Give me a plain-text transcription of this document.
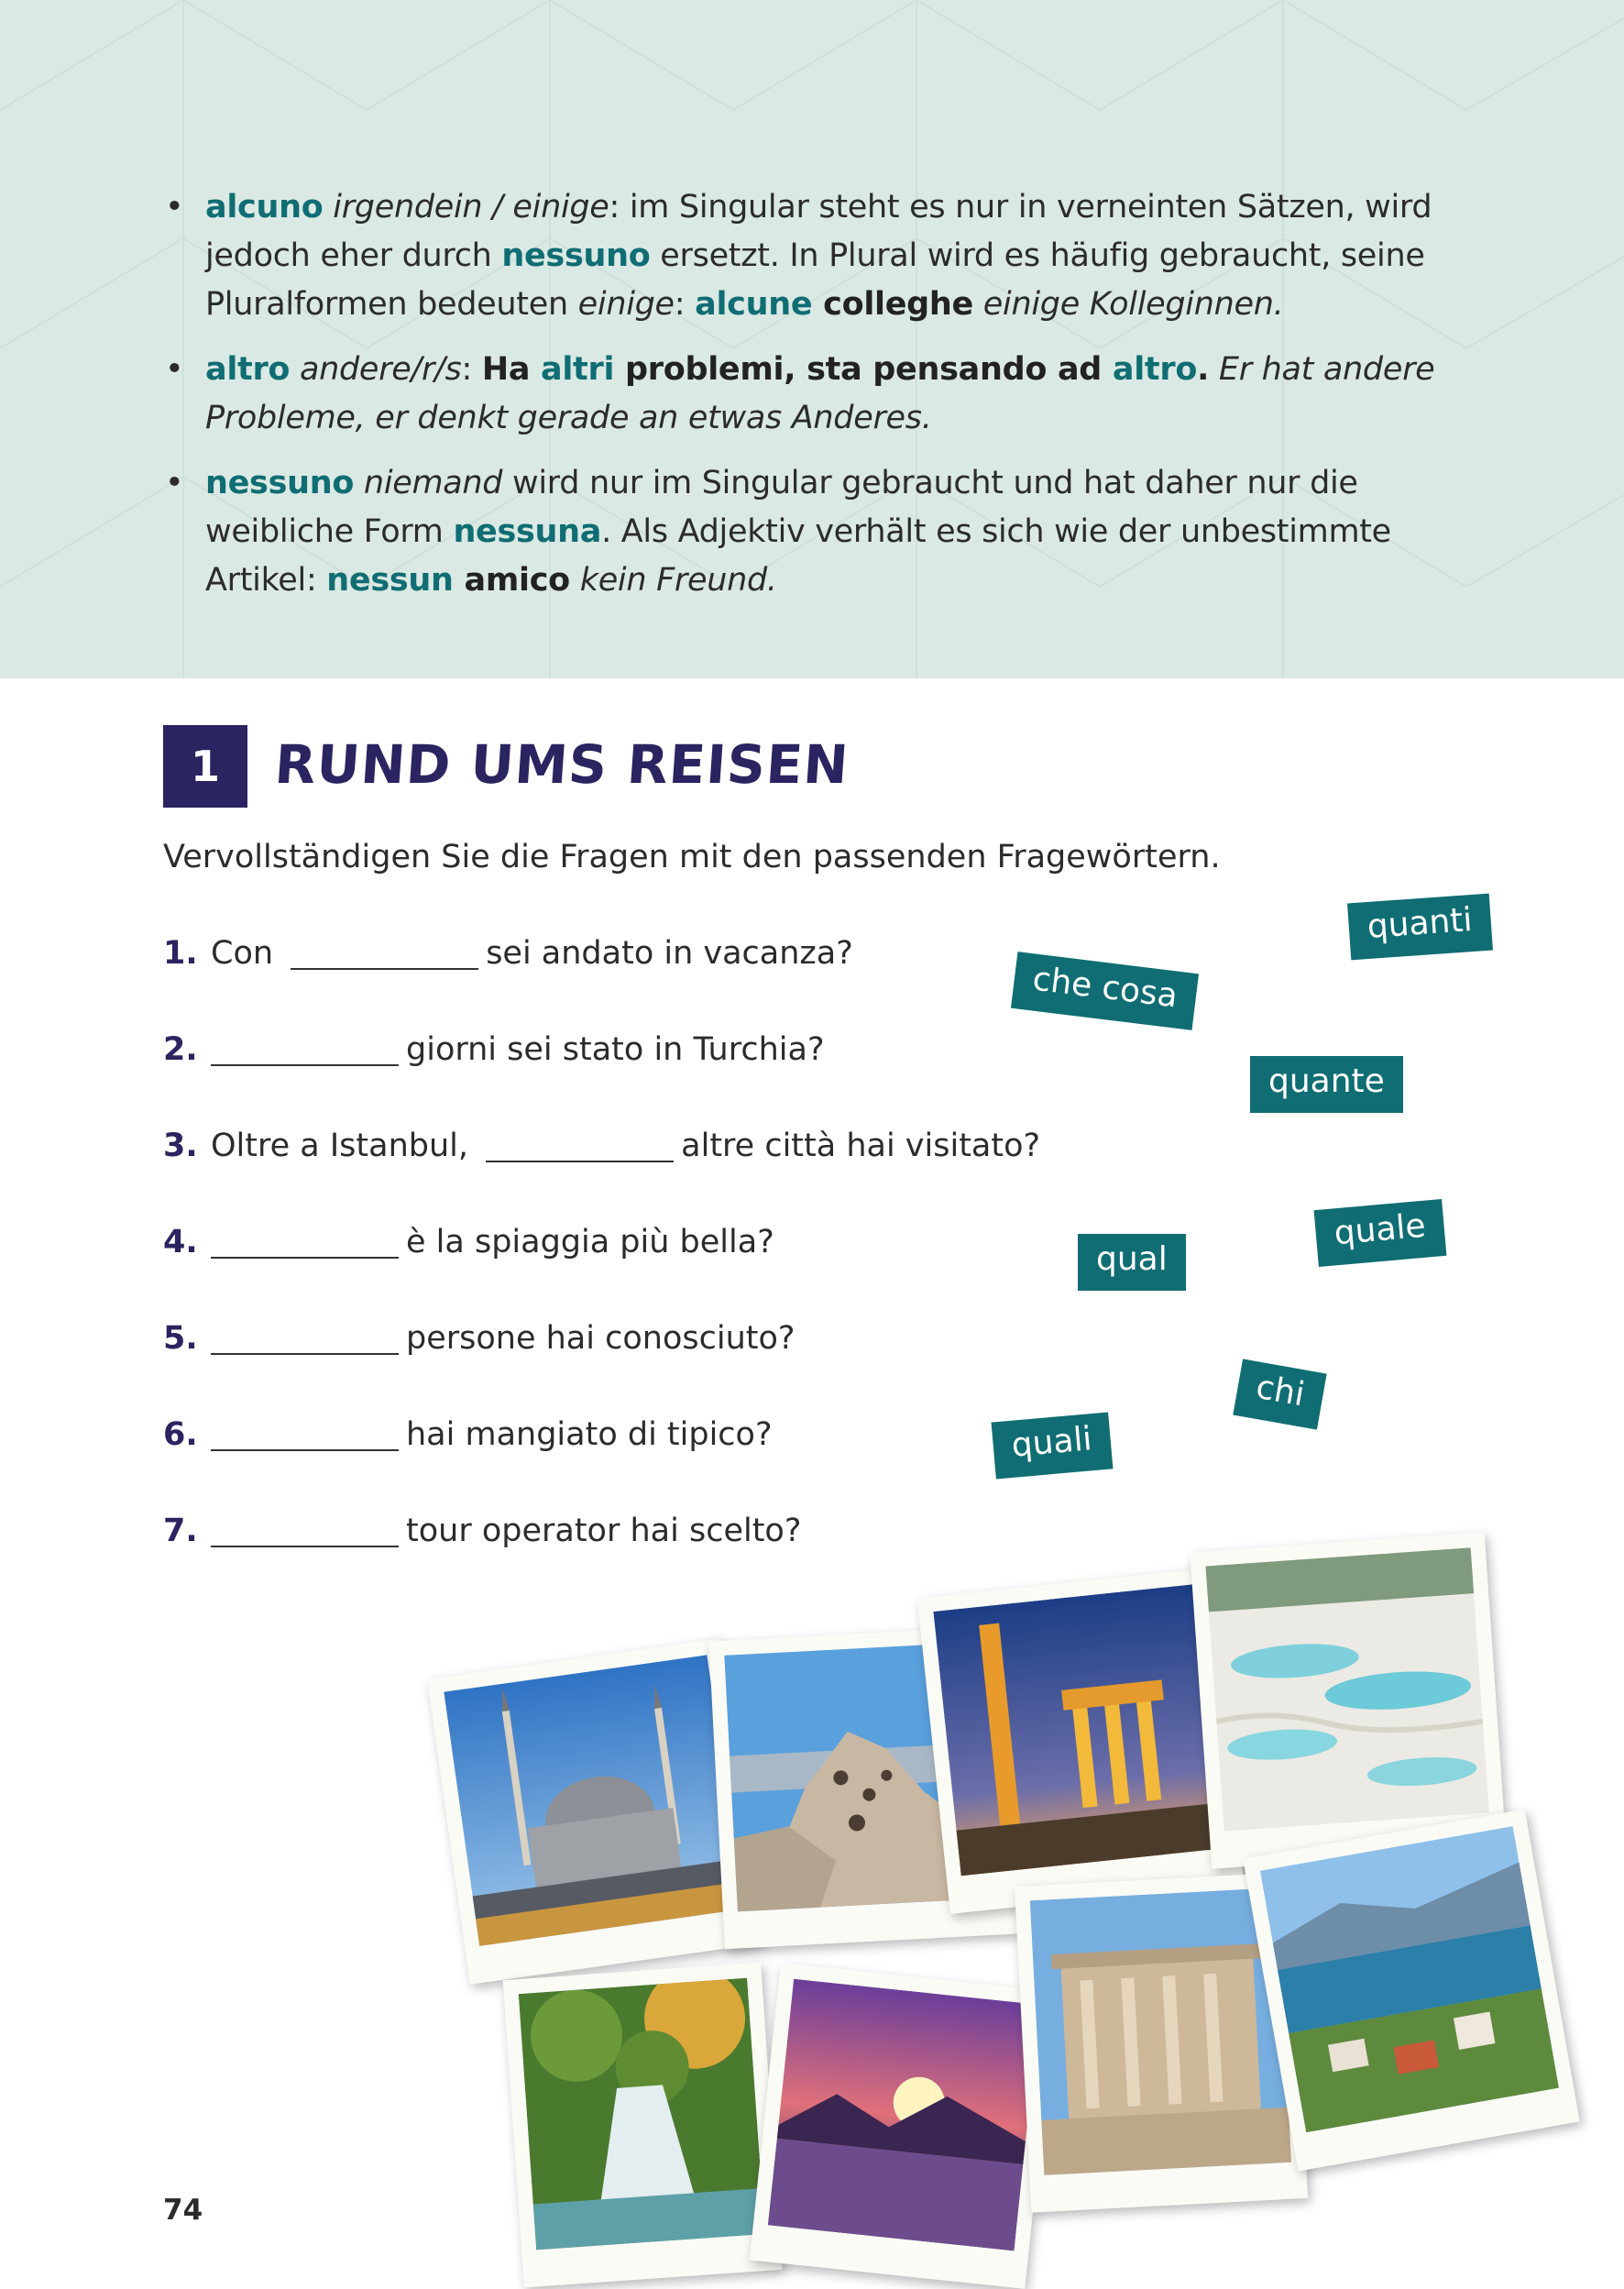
• alcuno irgendein / einige: im Singular steht es nur in verneinten Sätzen, wird jedoch eher durch nessuno ersetzt. In Plural wird es häufig gebraucht, seine Pluralformen bedeuten einige: alcune colleghe einige Kolleginnen.
• altro andere/r/s: Ha altri problemi, sta pensando ad altro. Er hat andere Probleme, er denkt gerade an etwas Anderes.
• nessuno niemand wird nur im Singular gebraucht und hat daher nur die weibliche Form nessuna. Als Adjektiv verhält es sich wie der unbestimmte Artikel: nessun amico kein Freund.
1 RUND UMS REISEN

Vervollständigen Sie die Fragen mit den passenden Fragewörtern.

1. Con
	sei andato in vacanza?
2.	giorni sei stato in Turchia?
3. Oltre a Istanbul,
	altre città hai visitato?
4.	è la spiaggia più bella?
5.	persone hai conosciuto?
6.	hai mangiato di tipico?
7.	tour operator hai scelto?
quanti
che cosa
quante
quale
qual
chi
quali

74
